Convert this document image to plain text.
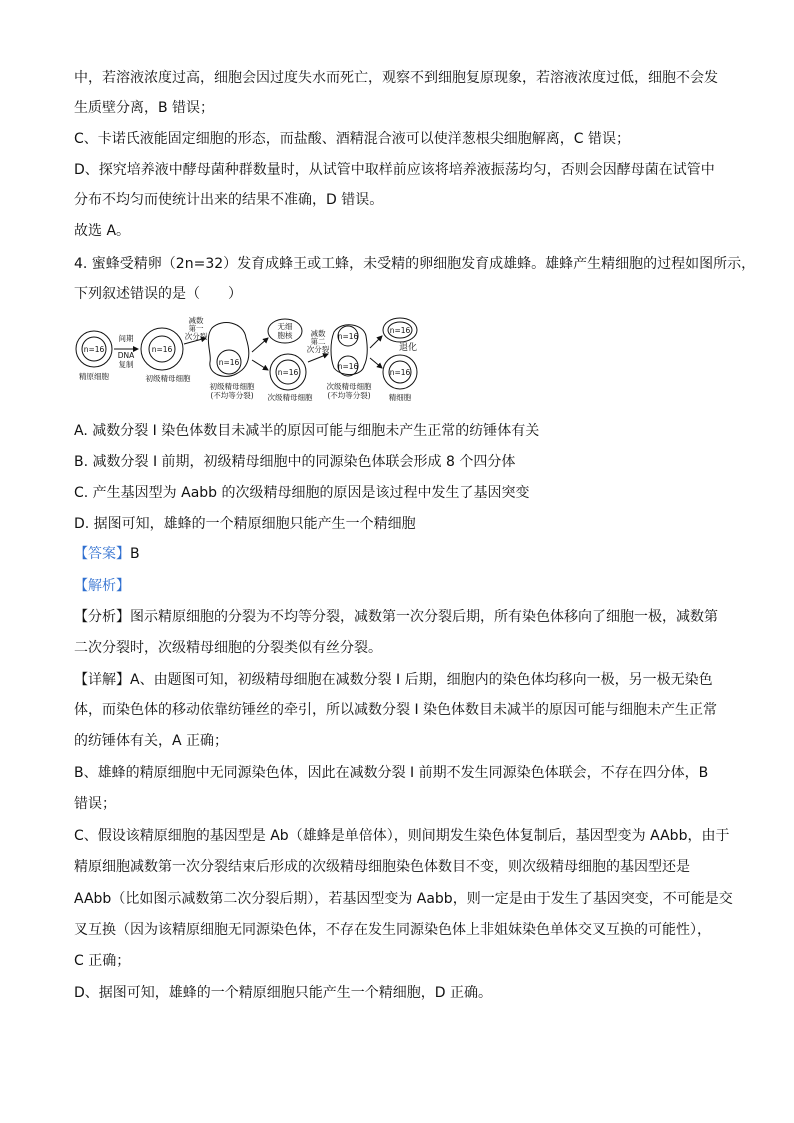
中，若溶液浓度过高，细胞会因过度失水而死亡，观察不到细胞复原现象，若溶液浓度过低，细胞不会发
生质壁分离，B 错误；
C、卡诺氏液能固定细胞的形态，而盐酸、酒精混合液可以使洋葱根尖细胞解离，C 错误；
D、探究培养液中酵母菌种群数量时，从试管中取样前应该将培养液振荡均匀，否则会因酵母菌在试管中
分布不均匀而使统计出来的结果不准确，D 错误。
故选 A。
4. 蜜蜂受精卵（2n=32）发育成蜂王或工蜂，未受精的卵细胞发育成雄蜂。雄蜂产生精细胞的过程如图所示，
下列叙述错误的是（　　）
n=16	n=16
n=16
n=16
n=16
n=16
n=16
n=16
无细
胞核
间期
DNA
复制
减数
第一
次分裂	减数
第二
次分裂	退化
精原细胞	初级精母细胞
初级精母细胞
(不均等分裂) 次级精母细胞
次级精母细胞
(不均等分裂) 精细胞
A. 减数分裂 I 染色体数目未减半的原因可能与细胞未产生正常的纺锤体有关
B. 减数分裂 I 前期，初级精母细胞中的同源染色体联会形成 8 个四分体
C. 产生基因型为 Aabb 的次级精母细胞的原因是该过程中发生了基因突变
D. 据图可知，雄蜂的一个精原细胞只能产生一个精细胞
【答案】B
【解析】
【分析】图示精原细胞的分裂为不均等分裂，减数第一次分裂后期，所有染色体移向了细胞一极，减数第
二次分裂时，次级精母细胞的分裂类似有丝分裂。
【详解】A、由题图可知，初级精母细胞在减数分裂 I 后期，细胞内的染色体均移向一极，另一极无染色
体，而染色体的移动依靠纺锤丝的牵引，所以减数分裂 I 染色体数目未减半的原因可能与细胞未产生正常
的纺锤体有关，A 正确；
B、雄蜂的精原细胞中无同源染色体，因此在减数分裂 I 前期不发生同源染色体联会，不存在四分体，B
错误；
C、假设该精原细胞的基因型是 Ab（雄蜂是单倍体），则间期发生染色体复制后，基因型变为 AAbb，由于
精原细胞减数第一次分裂结束后形成的次级精母细胞染色体数目不变，则次级精母细胞的基因型还是
AAbb（比如图示减数第二次分裂后期），若基因型变为 Aabb，则一定是由于发生了基因突变，不可能是交
叉互换（因为该精原细胞无同源染色体，不存在发生同源染色体上非姐妹染色单体交叉互换的可能性），
C 正确；
D、据图可知，雄蜂的一个精原细胞只能产生一个精细胞，D 正确。
